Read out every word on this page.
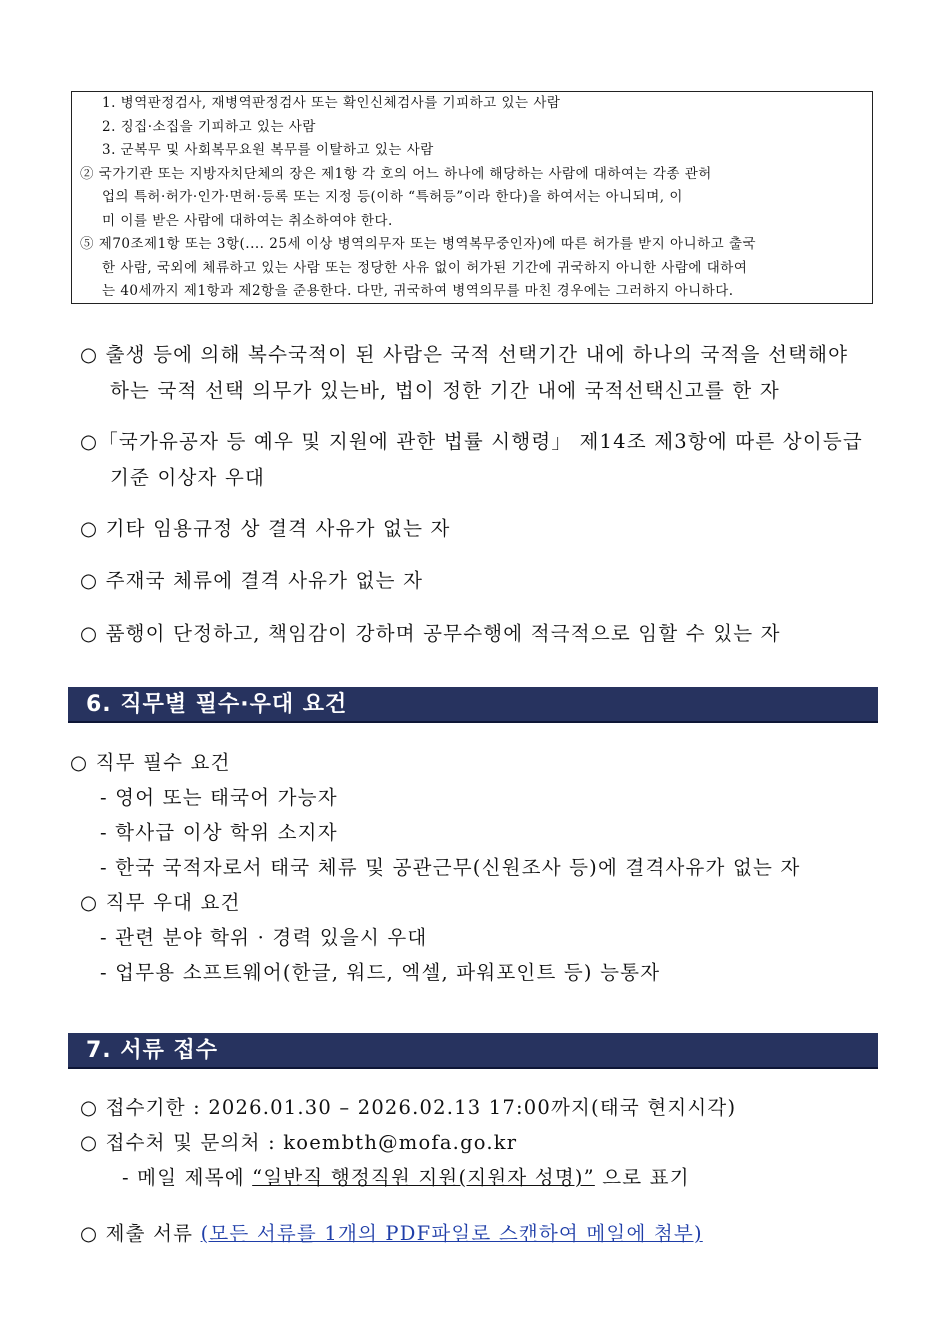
1. 병역판정검사, 재병역판정검사 또는 확인신체검사를 기피하고 있는 사람
2. 징집·소집을 기피하고 있는 사람
3. 군복무 및 사회복무요원 복무를 이탈하고 있는 사람
② 국가기관 또는 지방자치단체의 장은 제1항 각 호의 어느 하나에 해당하는 사람에 대하여는 각종 관허
업의 특허·허가·인가·면허·등록 또는 지정 등(이하 “특허등”이라 한다)을 하여서는 아니되며, 이
미 이를 받은 사람에 대하여는 취소하여야 한다.
⑤ 제70조제1항 또는 3항(.... 25세 이상 병역의무자 또는 병역복무중인자)에 따른 허가를 받지 아니하고 출국
한 사람, 국외에 체류하고 있는 사람 또는 정당한 사유 없이 허가된 기간에 귀국하지 아니한 사람에 대하여
는 40세까지 제1항과 제2항을 준용한다. 다만, 귀국하여 병역의무를 마친 경우에는 그러하지 아니하다.
○ 출생 등에 의해 복수국적이 된 사람은 국적 선택기간 내에 하나의 국적을 선택해야
하는 국적 선택 의무가 있는바, 법이 정한 기간 내에 국적선택신고를 한 자
○「국가유공자 등 예우 및 지원에 관한 법률 시행령」 제14조 제3항에 따른 상이등급
기준 이상자 우대
○ 기타 임용규정 상 결격 사유가 없는 자
○ 주재국 체류에 결격 사유가 없는 자
○ 품행이 단정하고, 책임감이 강하며 공무수행에 적극적으로 임할 수 있는 자
6. 직무별 필수·우대 요건
○ 직무 필수 요건
- 영어 또는 태국어 가능자
- 학사급 이상 학위 소지자
- 한국 국적자로서 태국 체류 및 공관근무(신원조사 등)에 결격사유가 없는 자
○ 직무 우대 요건
- 관련 분야 학위 · 경력 있을시 우대
- 업무용 소프트웨어(한글, 워드, 엑셀, 파워포인트 등) 능통자
7. 서류 접수
○ 접수기한 : 2026.01.30 – 2026.02.13 17:00까지(태국 현지시각)
○ 접수처 및 문의처 : koembth@mofa.go.kr
- 메일 제목에 “일반직 행정직원 지원(지원자 성명)” 으로 표기
○ 제출 서류 (모든 서류를 1개의 PDF파일로 스캔하여 메일에 첨부)
